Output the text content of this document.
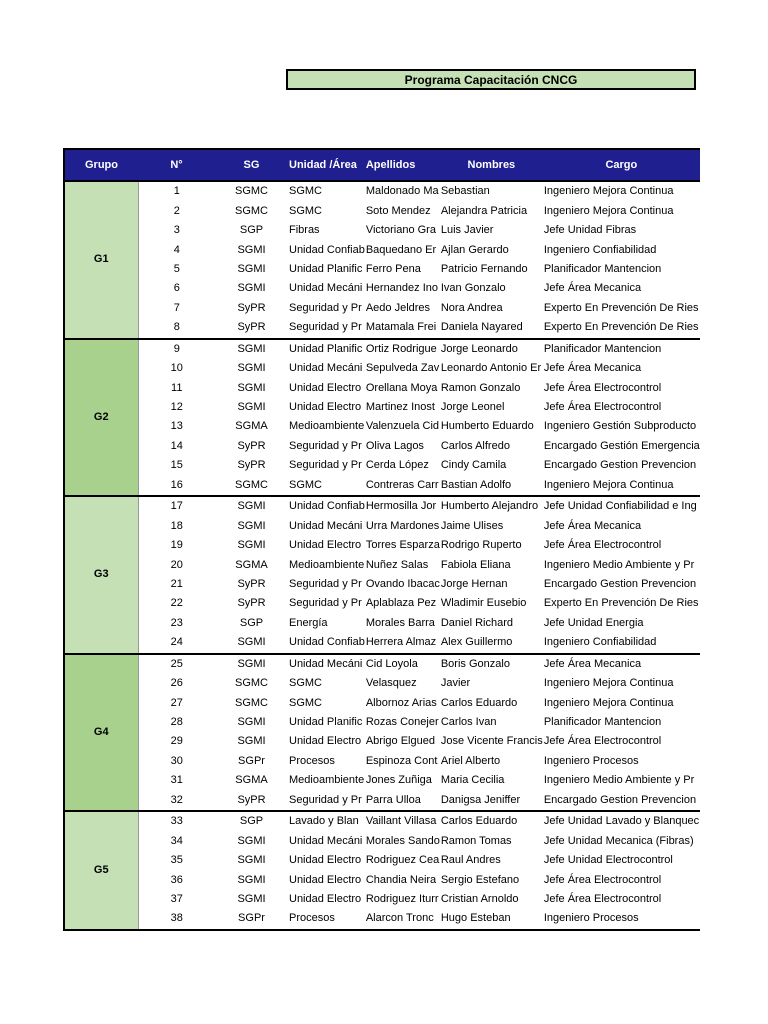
Programa Capacitación CNCG
Grupo	N°	SG	Unidad /Área	Apellidos	Nombres	Cargo
G1	1	SGMC	SGMC	Maldonado Ma	Sebastian	Ingeniero Mejora Continua
	2	SGMC	SGMC	Soto Mendez	Alejandra Patricia	Ingeniero Mejora Continua
	3	SGP	Fibras	Victoriano Gra	Luis Javier	Jefe Unidad Fibras
	4	SGMI	Unidad Confiab	Baquedano Er	Ajlan Gerardo	Ingeniero Confiabilidad
	5	SGMI	Unidad Planific	Ferro Pena	Patricio Fernando	Planificador Mantencion
	6	SGMI	Unidad Mecáni	Hernandez Ino	Ivan Gonzalo	Jefe Área Mecanica
	7	SyPR	Seguridad y Pr	Aedo Jeldres	Nora Andrea	Experto En Prevención De Ries
	8	SyPR	Seguridad y Pr	Matamala Frei	Daniela Nayared	Experto En Prevención De Ries
G2	9	SGMI	Unidad Planific	Ortiz Rodrigue	Jorge Leonardo	Planificador Mantencion
	10	SGMI	Unidad Mecáni	Sepulveda Zav	Leonardo Antonio Er	Jefe Área Mecanica
	11	SGMI	Unidad Electro	Orellana Moya	Ramon Gonzalo	Jefe Área Electrocontrol
	12	SGMI	Unidad Electro	Martinez Inost	Jorge Leonel	Jefe Área Electrocontrol
	13	SGMA	Medioambiente	Valenzuela Cid	Humberto Eduardo	Ingeniero Gestión Subproducto
	14	SyPR	Seguridad y Pr	Oliva Lagos	Carlos Alfredo	Encargado Gestión Emergencia
	15	SyPR	Seguridad y Pr	Cerda López	Cindy Camila	Encargado Gestion Prevencion
	16	SGMC	SGMC	Contreras Carr	Bastian Adolfo	Ingeniero Mejora Continua
G3	17	SGMI	Unidad Confiab	Hermosilla Jor	Humberto Alejandro	Jefe Unidad Confiabilidad e Ing
	18	SGMI	Unidad Mecáni	Urra Mardones	Jaime Ulises	Jefe Área Mecanica
	19	SGMI	Unidad Electro	Torres Esparza	Rodrigo Ruperto	Jefe Área Electrocontrol
	20	SGMA	Medioambiente	Nuñez Salas	Fabiola Eliana	Ingeniero Medio Ambiente y Pr
	21	SyPR	Seguridad y Pr	Ovando Ibacac	Jorge Hernan	Encargado Gestion Prevencion
	22	SyPR	Seguridad y Pr	Aplablaza Pez	Wladimir Eusebio	Experto En Prevención De Ries
	23	SGP	Energía	Morales Barra	Daniel Richard	Jefe Unidad Energia
	24	SGMI	Unidad Confiab	Herrera Almaz	Alex Guillermo	Ingeniero Confiabilidad
G4	25	SGMI	Unidad Mecáni	Cid Loyola	Boris Gonzalo	Jefe Área Mecanica
	26	SGMC	SGMC	Velasquez	Javier	Ingeniero Mejora Continua
	27	SGMC	SGMC	Albornoz Arias	Carlos Eduardo	Ingeniero Mejora Continua
	28	SGMI	Unidad Planific	Rozas Conejer	Carlos Ivan	Planificador Mantencion
	29	SGMI	Unidad Electro	Abrigo Elgued	Jose Vicente Francis	Jefe Área Electrocontrol
	30	SGPr	Procesos	Espinoza Cont	Ariel Alberto	Ingeniero Procesos
	31	SGMA	Medioambiente	Jones Zuñiga	Maria Cecilia	Ingeniero Medio Ambiente y Pr
	32	SyPR	Seguridad y Pr	Parra Ulloa	Danigsa Jeniffer	Encargado Gestion Prevencion
G5	33	SGP	Lavado y Blan	Vaillant Villasa	Carlos Eduardo	Jefe Unidad Lavado y Blanquec
	34	SGMI	Unidad Mecáni	Morales Sando	Ramon Tomas	Jefe Unidad Mecanica (Fibras)
	35	SGMI	Unidad Electro	Rodriguez Cea	Raul Andres	Jefe Unidad Electrocontrol
	36	SGMI	Unidad Electro	Chandia Neira	Sergio Estefano	Jefe Área Electrocontrol
	37	SGMI	Unidad Electro	Rodriguez Iturr	Cristian Arnoldo	Jefe Área Electrocontrol
	38	SGPr	Procesos	Alarcon Tronc	Hugo Esteban	Ingeniero Procesos
